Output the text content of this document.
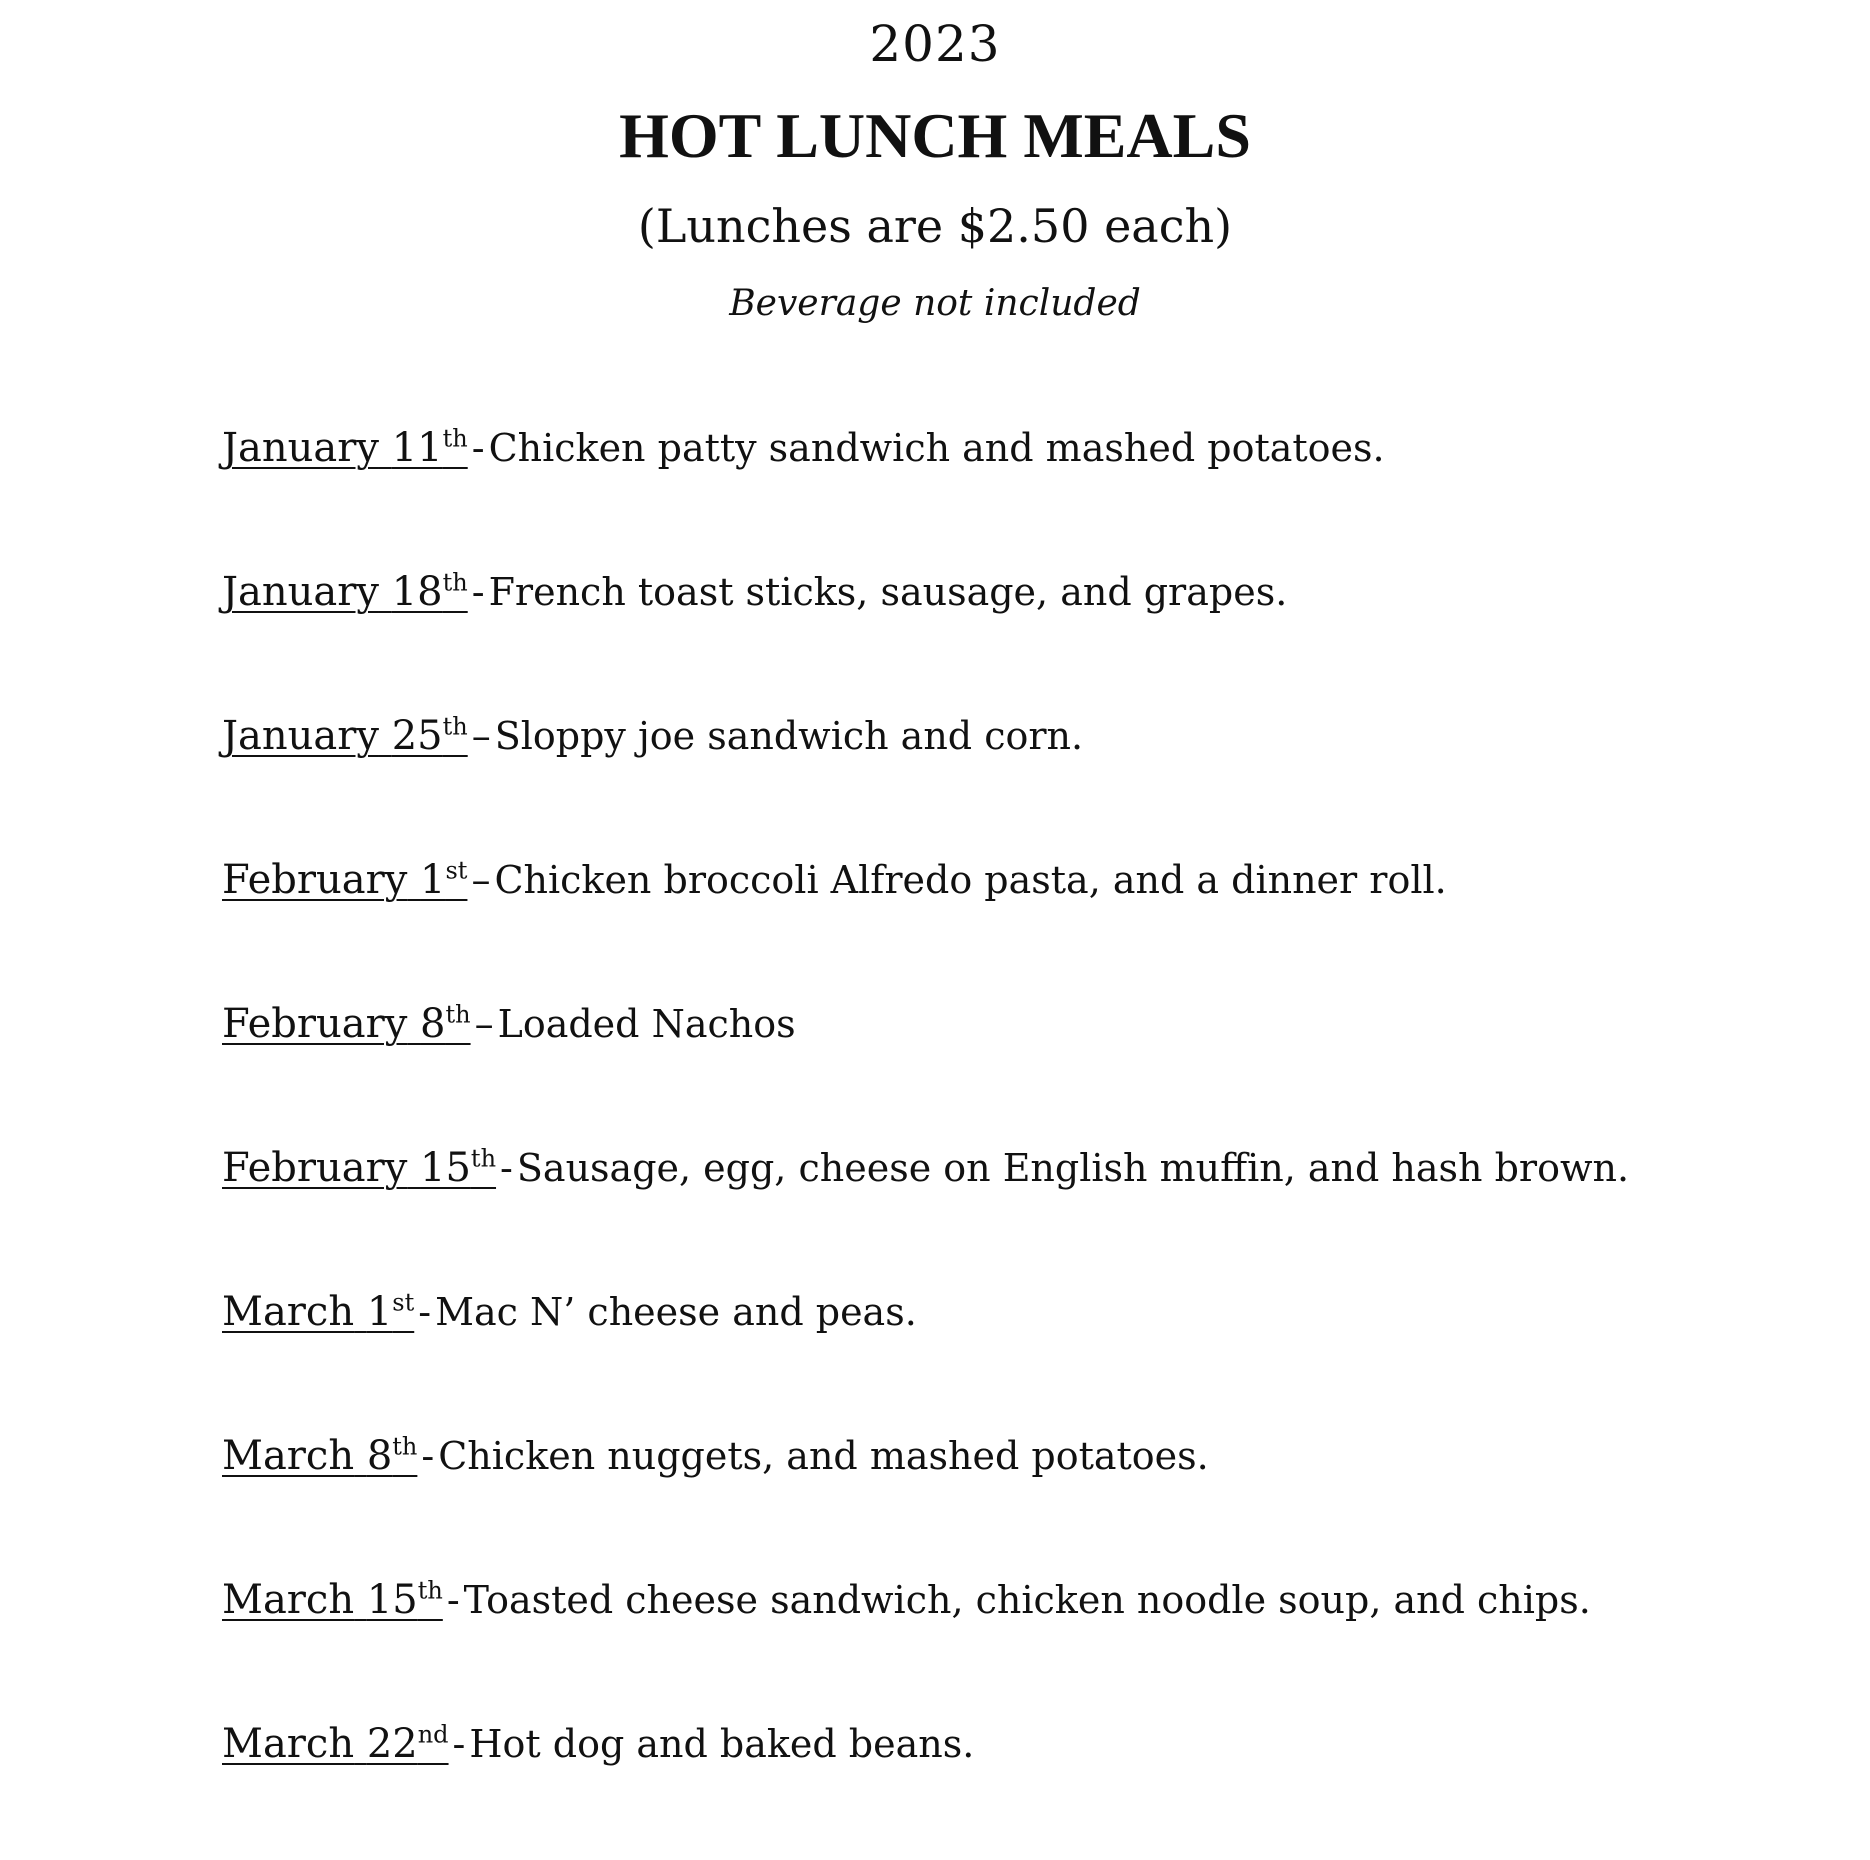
2023
HOT LUNCH MEALS
(Lunches are $2.50 each)
Beverage not included
January 11th - Chicken patty sandwich and mashed potatoes.
January 18th - French toast sticks, sausage, and grapes.
January 25th – Sloppy joe sandwich and corn.
February 1st – Chicken broccoli Alfredo pasta, and a dinner roll.
February 8th – Loaded Nachos
February 15th - Sausage, egg, cheese on English muffin, and hash brown.
March 1st - Mac N’ cheese and peas.
March 8th - Chicken nuggets, and mashed potatoes.
March 15th - Toasted cheese sandwich, chicken noodle soup, and chips.
March 22nd - Hot dog and baked beans.
